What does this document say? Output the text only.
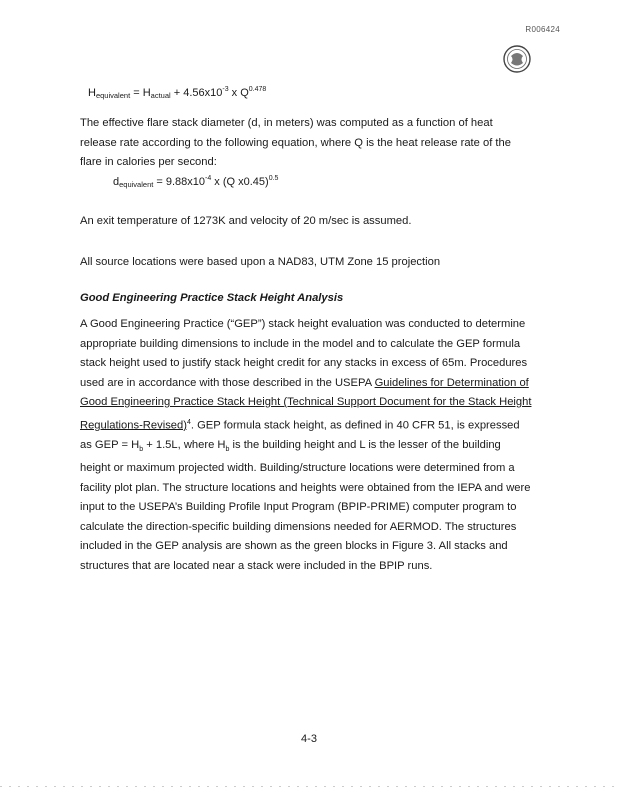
R006424
$H_{equivalent} = H_{actual} + 4.56x10^{-3}$ x $Q^{0.478}$
The effective flare stack diameter (d, in meters) was computed as a function of heat release rate according to the following equation, where Q is the heat release rate of the flare in calories per second:
$d_{equivalent} = 9.88x10^{-4}$ x (Q x0.45)$^{0.5}$
An exit temperature of 1273K and velocity of 20 m/sec is assumed.
All source locations were based upon a NAD83, UTM Zone 15 projection
Good Engineering Practice Stack Height Analysis
A Good Engineering Practice (“GEP”) stack height evaluation was conducted to determine appropriate building dimensions to include in the model and to calculate the GEP formula stack height used to justify stack height credit for any stacks in excess of 65m. Procedures used are in accordance with those described in the USEPA Guidelines for Determination of Good Engineering Practice Stack Height (Technical Support Document for the Stack Height Regulations-Revised)$^4$. GEP formula stack height, as defined in 40 CFR 51, is expressed as GEP = $H_b + 1.5L$, where $H_b$ is the building height and L is the lesser of the building height or maximum projected width. Building/structure locations were determined from a facility plot plan. The structure locations and heights were obtained from the IEPA and were input to the USEPA’s Building Profile Input Program (BPIP-PRIME) computer program to calculate the direction-specific building dimensions needed for AERMOD. The structures included in the GEP analysis are shown as the green blocks in Figure 3. All stacks and structures that are located near a stack were included in the BPIP runs.
4-3
